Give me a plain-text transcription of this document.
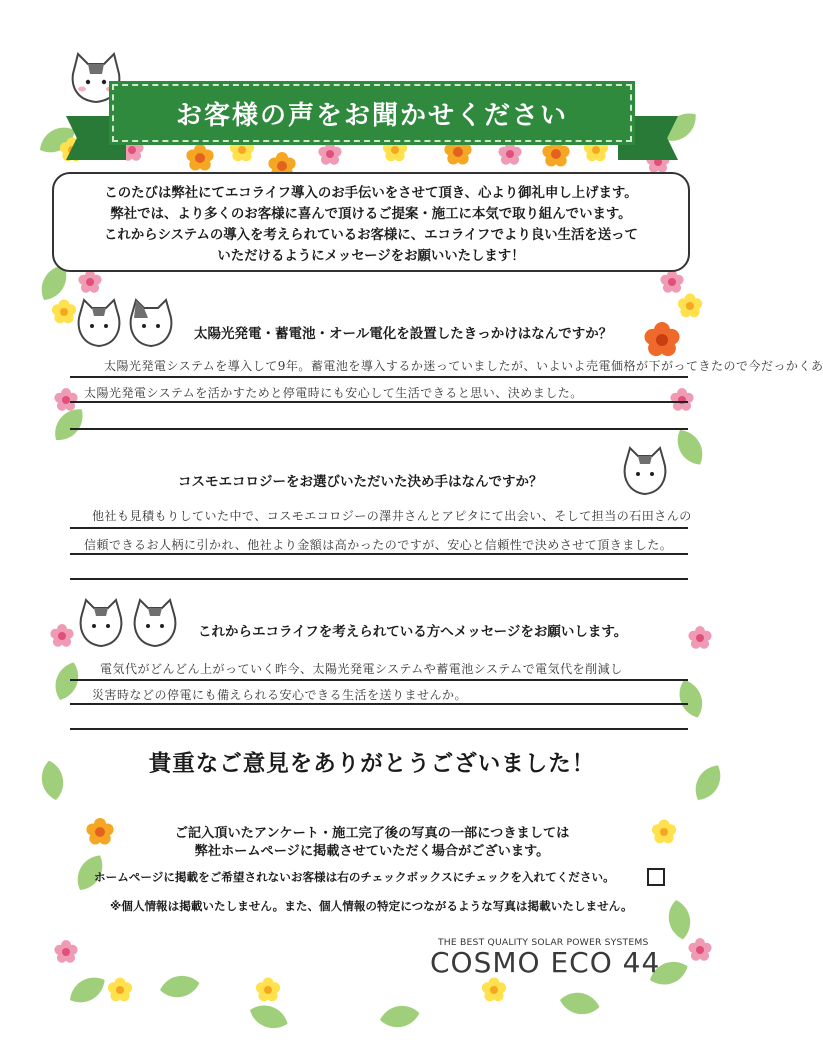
お客様の声をお聞かせください

このたびは弊社にてエコライフ導入のお手伝いをさせて頂き、心より御礼申し上げます。

弊社では、より多くのお客様に喜んで頂けるご提案・施工に本気で取り組んでいます。

これからシステムの導入を考えられているお客様に、エコライフでより良い生活を送って

いただけるようにメッセージをお願いいたします！

太陽光発電・蓄電池・オール電化を設置したきっかけはなんですか？
太陽光発電システムを導入して9年。蓄電池を導入するか迷っていましたが、いよいよ売電価格が下がってきたので今だっかくあ
太陽光発電システムを活かすためと停電時にも安心して生活できると思い、決めました。
コスモエコロジーをお選びいただいた決め手はなんですか？
他社も見積もりしていた中で、コスモエコロジーの澤井さんとアピタにて出会い、そして担当の石田さんの
信頼できるお人柄に引かれ、他社より金額は高かったのですが、安心と信頼性で決めさせて頂きました。
これからエコライフを考えられている方へメッセージをお願いします。
電気代がどんどん上がっていく昨今、太陽光発電システムや蓄電池システムで電気代を削減し
災害時などの停電にも備えられる安心できる生活を送りませんか。
貴重なご意見をありがとうございました！
ご記入頂いたアンケート・施工完了後の写真の一部につきましては
弊社ホームページに掲載させていただく場合がございます。
ホームページに掲載をご希望されないお客様は右のチェックボックスにチェックを入れてください。
※個人情報は掲載いたしません。また、個人情報の特定につながるような写真は掲載いたしません。
THE BEST QUALITY SOLAR POWER SYSTEMS
COSMO ECO 44
